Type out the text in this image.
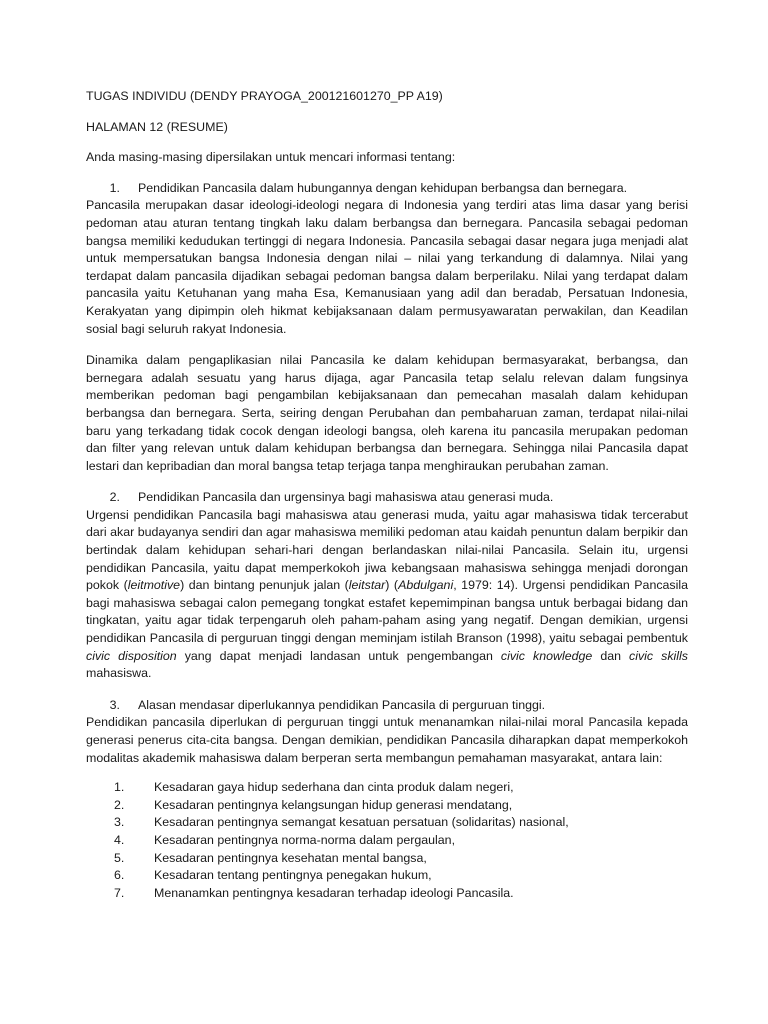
TUGAS INDIVIDU (DENDY PRAYOGA_200121601270_PP A19)

HALAMAN 12 (RESUME)

Anda masing-masing dipersilakan untuk mencari informasi tentang:

1.	Pendidikan Pancasila dalam hubungannya dengan kehidupan berbangsa dan bernegara.

Pancasila merupakan dasar ideologi-ideologi negara di Indonesia yang terdiri atas lima dasar yang berisi pedoman atau aturan tentang tingkah laku dalam berbangsa dan bernegara. Pancasila sebagai pedoman bangsa memiliki kedudukan tertinggi di negara Indonesia. Pancasila sebagai dasar negara juga menjadi alat untuk mempersatukan bangsa Indonesia dengan nilai – nilai yang terkandung di dalamnya. Nilai yang terdapat dalam pancasila dijadikan sebagai pedoman bangsa dalam berperilaku. Nilai yang terdapat dalam pancasila yaitu Ketuhanan yang maha Esa, Kemanusiaan yang adil dan beradab, Persatuan Indonesia, Kerakyatan yang dipimpin oleh hikmat kebijaksanaan dalam permusyawaratan perwakilan, dan Keadilan sosial bagi seluruh rakyat Indonesia.

Dinamika dalam pengaplikasian nilai Pancasila ke dalam kehidupan bermasyarakat, berbangsa, dan bernegara adalah sesuatu yang harus dijaga, agar Pancasila tetap selalu relevan dalam fungsinya memberikan pedoman bagi pengambilan kebijaksanaan dan pemecahan masalah dalam kehidupan berbangsa dan bernegara. Serta, seiring dengan Perubahan dan pembaharuan zaman, terdapat nilai-nilai baru yang terkadang tidak cocok dengan ideologi bangsa, oleh karena itu pancasila merupakan pedoman dan filter yang relevan untuk dalam kehidupan berbangsa dan bernegara. Sehingga nilai Pancasila dapat lestari dan kepribadian dan moral bangsa tetap terjaga tanpa menghiraukan perubahan zaman.

2.	Pendidikan Pancasila dan urgensinya bagi mahasiswa atau generasi muda.

Urgensi pendidikan Pancasila bagi mahasiswa atau generasi muda, yaitu agar mahasiswa tidak tercerabut dari akar budayanya sendiri dan agar mahasiswa memiliki pedoman atau kaidah penuntun dalam berpikir dan bertindak dalam kehidupan sehari-hari dengan berlandaskan nilai-nilai Pancasila. Selain itu, urgensi pendidikan Pancasila, yaitu dapat memperkokoh jiwa kebangsaan mahasiswa sehingga menjadi dorongan pokok (leitmotive) dan bintang penunjuk jalan (leitstar) (Abdulgani, 1979: 14). Urgensi pendidikan Pancasila bagi mahasiswa sebagai calon pemegang tongkat estafet kepemimpinan bangsa untuk berbagai bidang dan tingkatan, yaitu agar tidak terpengaruh oleh paham-paham asing yang negatif. Dengan demikian, urgensi pendidikan Pancasila di perguruan tinggi dengan meminjam istilah Branson (1998), yaitu sebagai pembentuk civic disposition yang dapat menjadi landasan untuk pengembangan civic knowledge dan civic skills mahasiswa.

3.	Alasan mendasar diperlukannya pendidikan Pancasila di perguruan tinggi.

Pendidikan pancasila diperlukan di perguruan tinggi untuk menanamkan nilai-nilai moral Pancasila kepada generasi penerus cita-cita bangsa. Dengan demikian, pendidikan Pancasila diharapkan dapat memperkokoh modalitas akademik mahasiswa dalam berperan serta membangun pemahaman masyarakat, antara lain:

1.	Kesadaran gaya hidup sederhana dan cinta produk dalam negeri,
2.	Kesadaran pentingnya kelangsungan hidup generasi mendatang,
3.	Kesadaran pentingnya semangat kesatuan persatuan (solidaritas) nasional,
4.	Kesadaran pentingnya norma-norma dalam pergaulan,
5.	Kesadaran pentingnya kesehatan mental bangsa,
6.	Kesadaran tentang pentingnya penegakan hukum,
7.	Menanamkan pentingnya kesadaran terhadap ideologi Pancasila.
